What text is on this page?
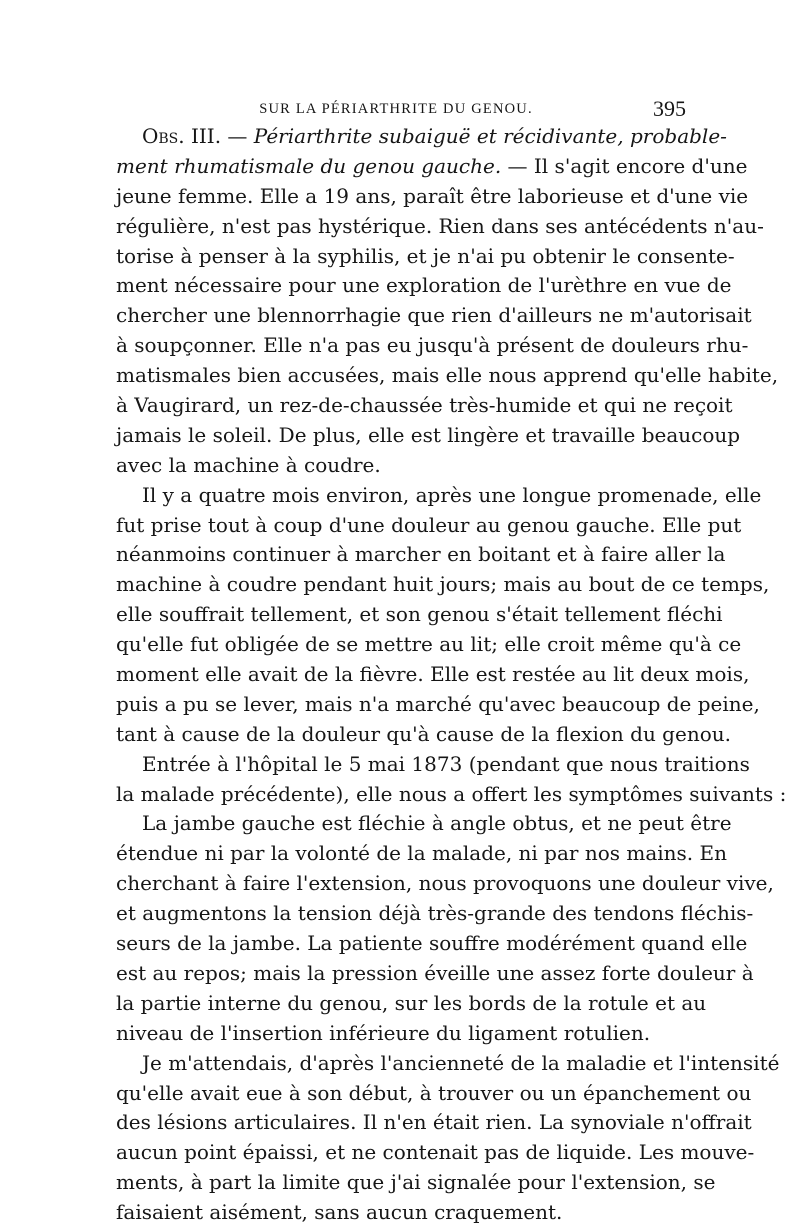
SUR LA PÉRIARTHRITE DU GENOU.	395
Obs. III. — Périarthrite subaiguë et récidivante, probable-
ment rhumatismale du genou gauche. — Il s'agit encore d'une
jeune femme. Elle a 19 ans, paraît être laborieuse et d'une vie
régulière, n'est pas hystérique. Rien dans ses antécédents n'au-
torise à penser à la syphilis, et je n'ai pu obtenir le consente-
ment nécessaire pour une exploration de l'urèthre en vue de
chercher une blennorrhagie que rien d'ailleurs ne m'autorisait
à soupçonner. Elle n'a pas eu jusqu'à présent de douleurs rhu-
matismales bien accusées, mais elle nous apprend qu'elle habite,
à Vaugirard, un rez-de-chaussée très-humide et qui ne reçoit
jamais le soleil. De plus, elle est lingère et travaille beaucoup
avec la machine à coudre.
Il y a quatre mois environ, après une longue promenade, elle
fut prise tout à coup d'une douleur au genou gauche. Elle put
néanmoins continuer à marcher en boitant et à faire aller la
machine à coudre pendant huit jours; mais au bout de ce temps,
elle souffrait tellement, et son genou s'était tellement fléchi
qu'elle fut obligée de se mettre au lit; elle croit même qu'à ce
moment elle avait de la fièvre. Elle est restée au lit deux mois,
puis a pu se lever, mais n'a marché qu'avec beaucoup de peine,
tant à cause de la douleur qu'à cause de la flexion du genou.
Entrée à l'hôpital le 5 mai 1873 (pendant que nous traitions
la malade précédente), elle nous a offert les symptômes suivants :
La jambe gauche est fléchie à angle obtus, et ne peut être
étendue ni par la volonté de la malade, ni par nos mains. En
cherchant à faire l'extension, nous provoquons une douleur vive,
et augmentons la tension déjà très-grande des tendons fléchis-
seurs de la jambe. La patiente souffre modérément quand elle
est au repos; mais la pression éveille une assez forte douleur à
la partie interne du genou, sur les bords de la rotule et au
niveau de l'insertion inférieure du ligament rotulien.
Je m'attendais, d'après l'ancienneté de la maladie et l'intensité
qu'elle avait eue à son début, à trouver ou un épanchement ou
des lésions articulaires. Il n'en était rien. La synoviale n'offrait
aucun point épaissi, et ne contenait pas de liquide. Les mouve-
ments, à part la limite que j'ai signalée pour l'extension, se
faisaient aisément, sans aucun craquement.
